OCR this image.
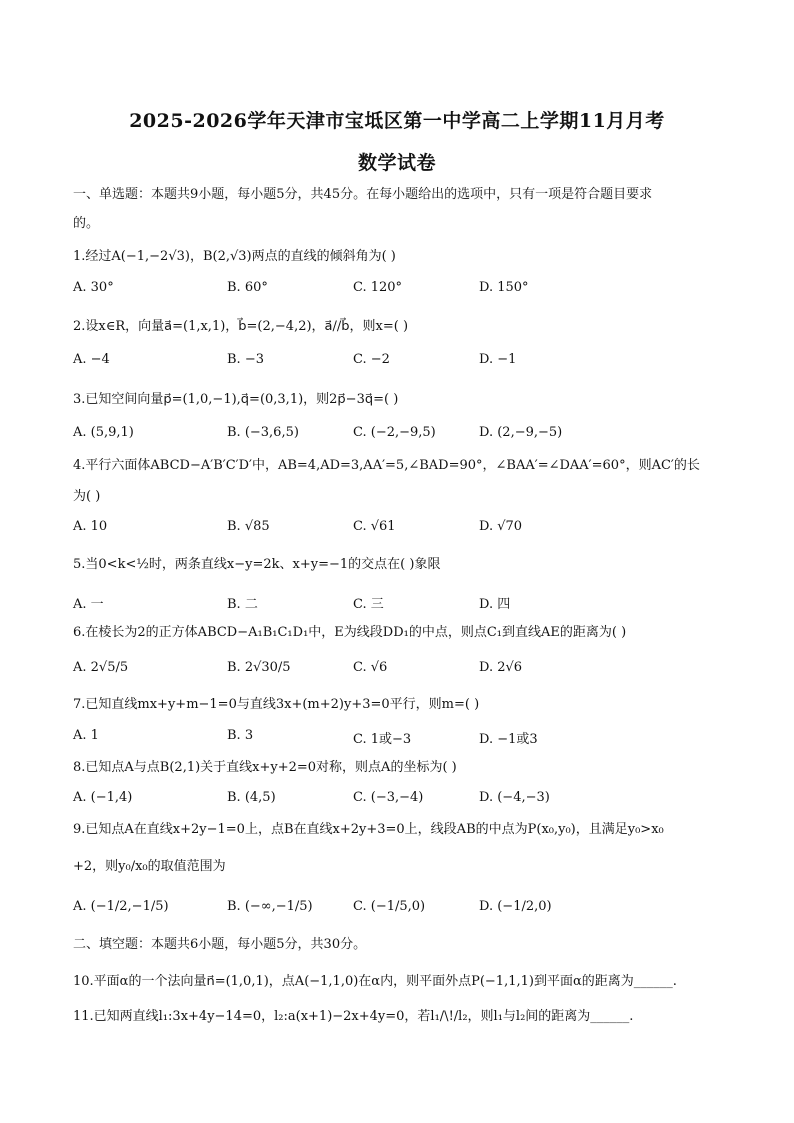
2025-2026学年天津市宝坻区第一中学高二上学期11月月考
数学试卷
一、单选题：本题共9小题，每小题5分，共45分。在每小题给出的选项中，只有一项是符合题目要求
的。
1.经过A(−1,−2√3)，B(2,√3)两点的直线的倾斜角为( )
A. 30°	B. 60°	C. 120°	D. 150°
2.设x∈R，向量a⃗=(1,x,1)，b⃗=(2,−4,2)，a⃗//b⃗，则x=( )
A. −4	B. −3	C. −2	D. −1
3.已知空间向量p⃗=(1,0,−1),q⃗=(0,3,1)，则2p⃗−3q⃗=( )
A. (5,9,1)	B. (−3,6,5)	C. (−2,−9,5)	D. (2,−9,−5)
4.平行六面体ABCD−A′B′C′D′中，AB=4,AD=3,AA′=5,∠BAD=90°，∠BAA′=∠DAA′=60°，则AC′的长
为( )
A. 10	B. √85	C. √61	D. √70
5.当0<k<½时，两条直线x−y=2k、x+y=−1的交点在( )象限
A. 一	B. 二	C. 三	D. 四
6.在棱长为2的正方体ABCD−A₁B₁C₁D₁中，E为线段DD₁的中点，则点C₁到直线AE的距离为( )
A. 2√5/5	B. 2√30/5	C. √6	D. 2√6
7.已知直线mx+y+m−1=0与直线3x+(m+2)y+3=0平行，则m=( )
A. 1	B. 3	C. 1或−3	D. −1或3
8.已知点A与点B(2,1)关于直线x+y+2=0对称，则点A的坐标为( )
A. (−1,4)	B. (4,5)	C. (−3,−4)	D. (−4,−3)
9.已知点A在直线x+2y−1=0上，点B在直线x+2y+3=0上，线段AB的中点为P(x₀,y₀)，且满足y₀>x₀
+2，则y₀/x₀的取值范围为
A. (−1/2,−1/5)	B. (−∞,−1/5)	C. (−1/5,0)	D. (−1/2,0)
二、填空题：本题共6小题，每小题5分，共30分。
10.平面α的一个法向量n⃗=(1,0,1)，点A(−1,1,0)在α内，则平面外点P(−1,1,1)到平面α的距离为______.
11.已知两直线l₁:3x+4y−14=0，l₂:a(x+1)−2x+4y=0，若l₁/\!/l₂，则l₁与l₂间的距离为______.
